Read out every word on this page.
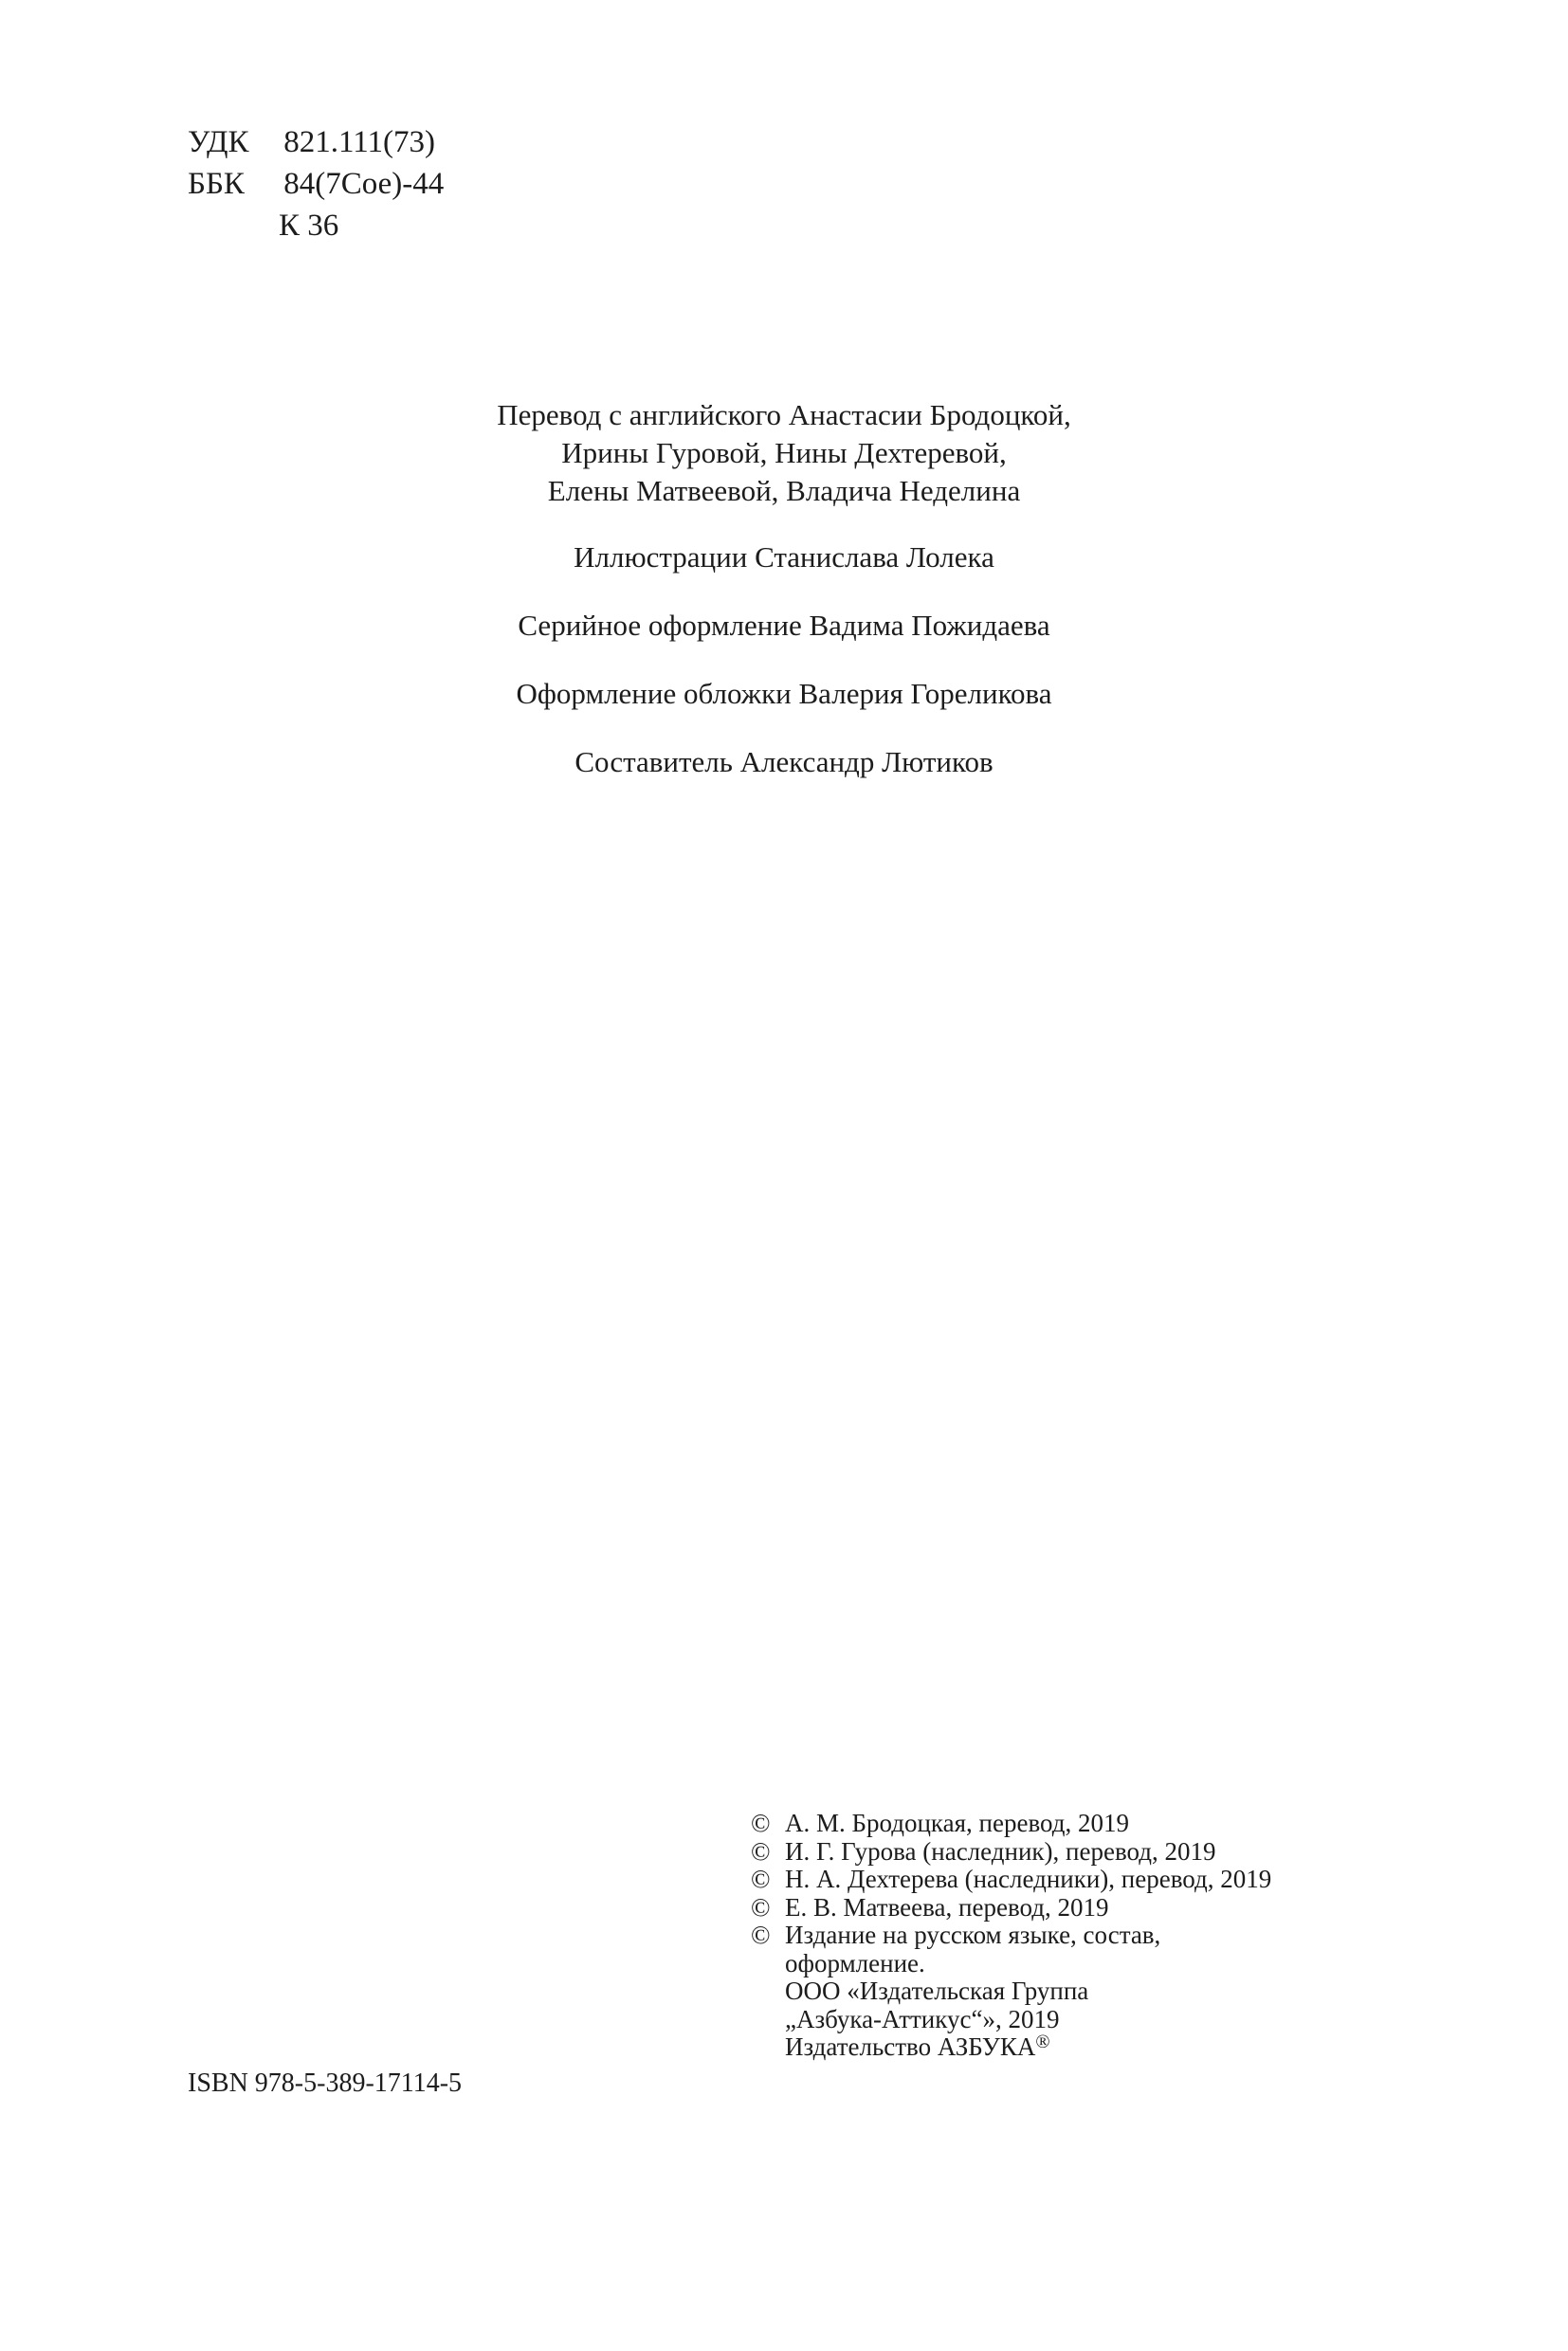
УДК 821.111(73)
ББК 84(7Сое)-44
К 36
Перевод с английского Анастасии Бродоцкой,
Ирины Гуровой, Нины Дехтеревой,
Елены Матвеевой, Владича Неделина
Иллюстрации Станислава Лолека
Серийное оформление Вадима Пожидаева
Оформление обложки Валерия Гореликова
Составитель Александр Лютиков
ISBN 978-5-389-17114-5
© А. М. Бродоцкая, перевод, 2019
© И. Г. Гурова (наследник), перевод, 2019
© Н. А. Дехтерева (наследники), перевод, 2019
© Е. В. Матвеева, перевод, 2019
© Издание на русском языке, состав,
оформление.
ООО «Издательская Группа
„Азбука-Аттикус“», 2019
Издательство АЗБУКА®
